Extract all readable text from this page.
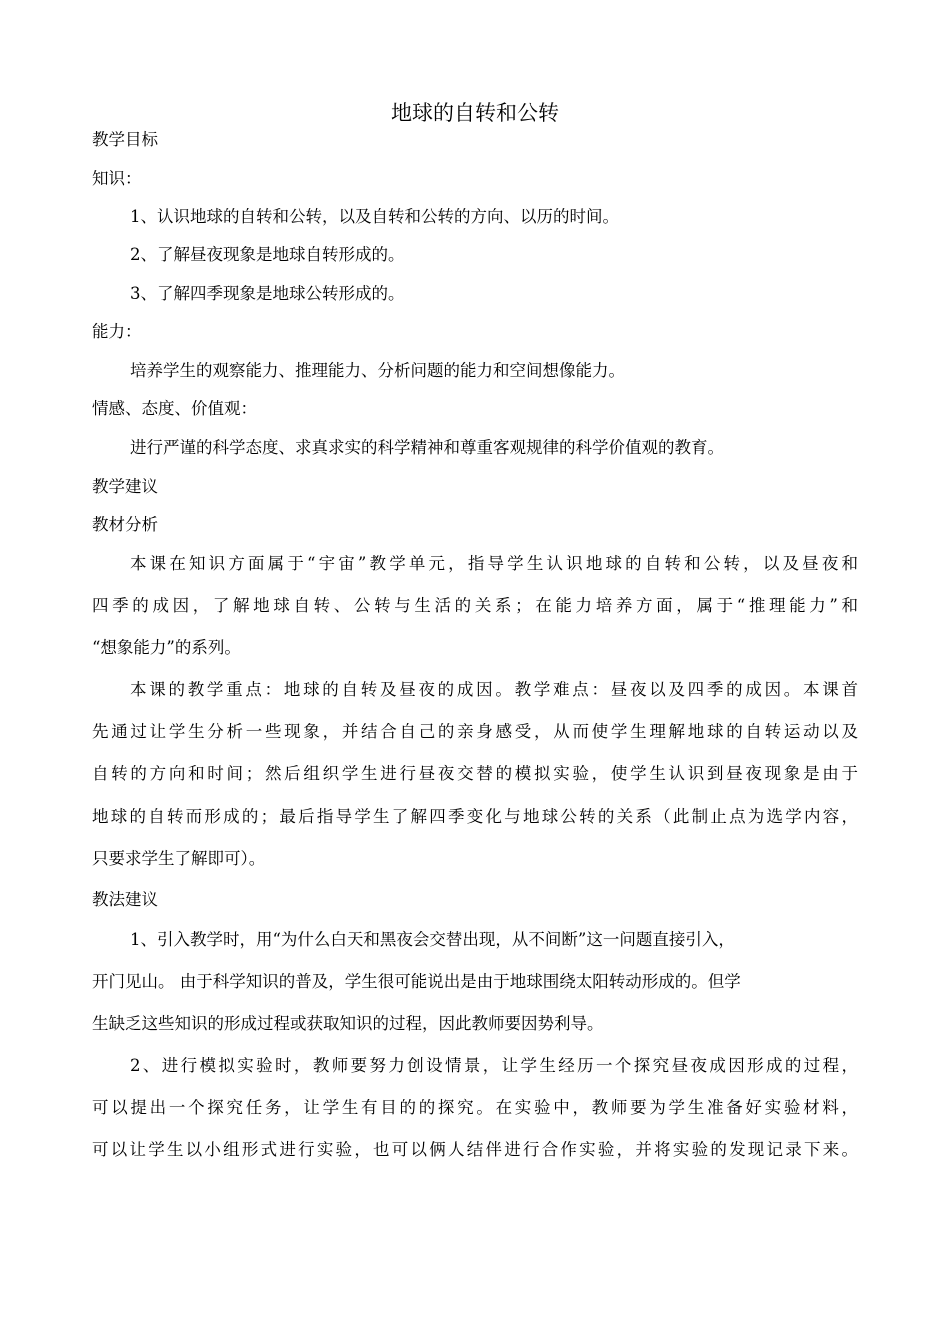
地球的自转和公转
教学目标
知识：
1、认识地球的自转和公转，以及自转和公转的方向、以历的时间。
2、了解昼夜现象是地球自转形成的。
3、了解四季现象是地球公转形成的。
能力：
培养学生的观察能力、推理能力、分析问题的能力和空间想像能力。
情感、态度、价值观：
进行严谨的科学态度、求真求实的科学精神和尊重客观规律的科学价值观的教育。
教学建议
教材分析
本课在知识方面属于“宇宙”教学单元，指导学生认识地球的自转和公转，以及昼夜和
四季的成因，了解地球自转、公转与生活的关系；在能力培养方面，属于“推理能力”和
“想象能力”的系列。
本课的教学重点：地球的自转及昼夜的成因。教学难点：昼夜以及四季的成因。本课首
先通过让学生分析一些现象，并结合自己的亲身感受，从而使学生理解地球的自转运动以及
自转的方向和时间；然后组织学生进行昼夜交替的模拟实验，使学生认识到昼夜现象是由于
地球的自转而形成的；最后指导学生了解四季变化与地球公转的关系（此制止点为选学内容，
只要求学生了解即可）。
教法建议
1、引入教学时，用“为什么白天和黑夜会交替出现，从不间断”这一问题直接引入，
开门见山。 由于科学知识的普及，学生很可能说出是由于地球围绕太阳转动形成的。但学
生缺乏这些知识的形成过程或获取知识的过程，因此教师要因势利导。
2、进行模拟实验时，教师要努力创设情景，让学生经历一个探究昼夜成因形成的过程，
可以提出一个探究任务，让学生有目的的探究。在实验中，教师要为学生准备好实验材料，
可以让学生以小组形式进行实验，也可以俩人结伴进行合作实验，并将实验的发现记录下来。
